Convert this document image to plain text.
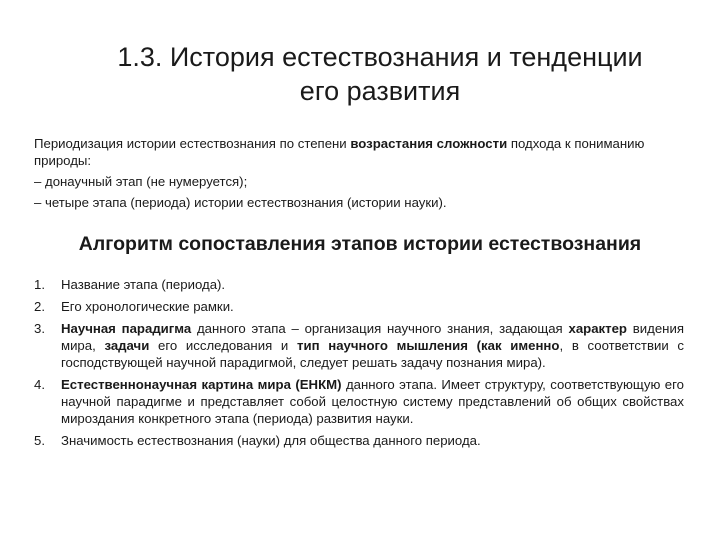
1.3. История естествознания и тенденции
его развития

Периодизация истории естествознания по степени возрастания сложности подхода к пониманию природы:

– донаучный этап (не нумеруется);

– четыре этапа (периода) истории естествознания (истории науки).

Алгоритм сопоставления этапов истории естествознания
1. Название этапа (периода).
2. Его хронологические рамки.
3. Научная парадигма данного этапа – организация научного знания, задающая характер видения мира, задачи его исследования и тип научного мышления (как именно, в соответствии с господствующей научной парадигмой, следует решать задачу познания мира).
4. Естественнонаучная картина мира (ЕНКМ) данного этапа. Имеет структуру, соответствующую его научной парадигме и представляет собой целостную систему представлений об общих свойствах мироздания конкретного этапа (периода) развития науки.
5. Значимость естествознания (науки) для общества данного периода.
